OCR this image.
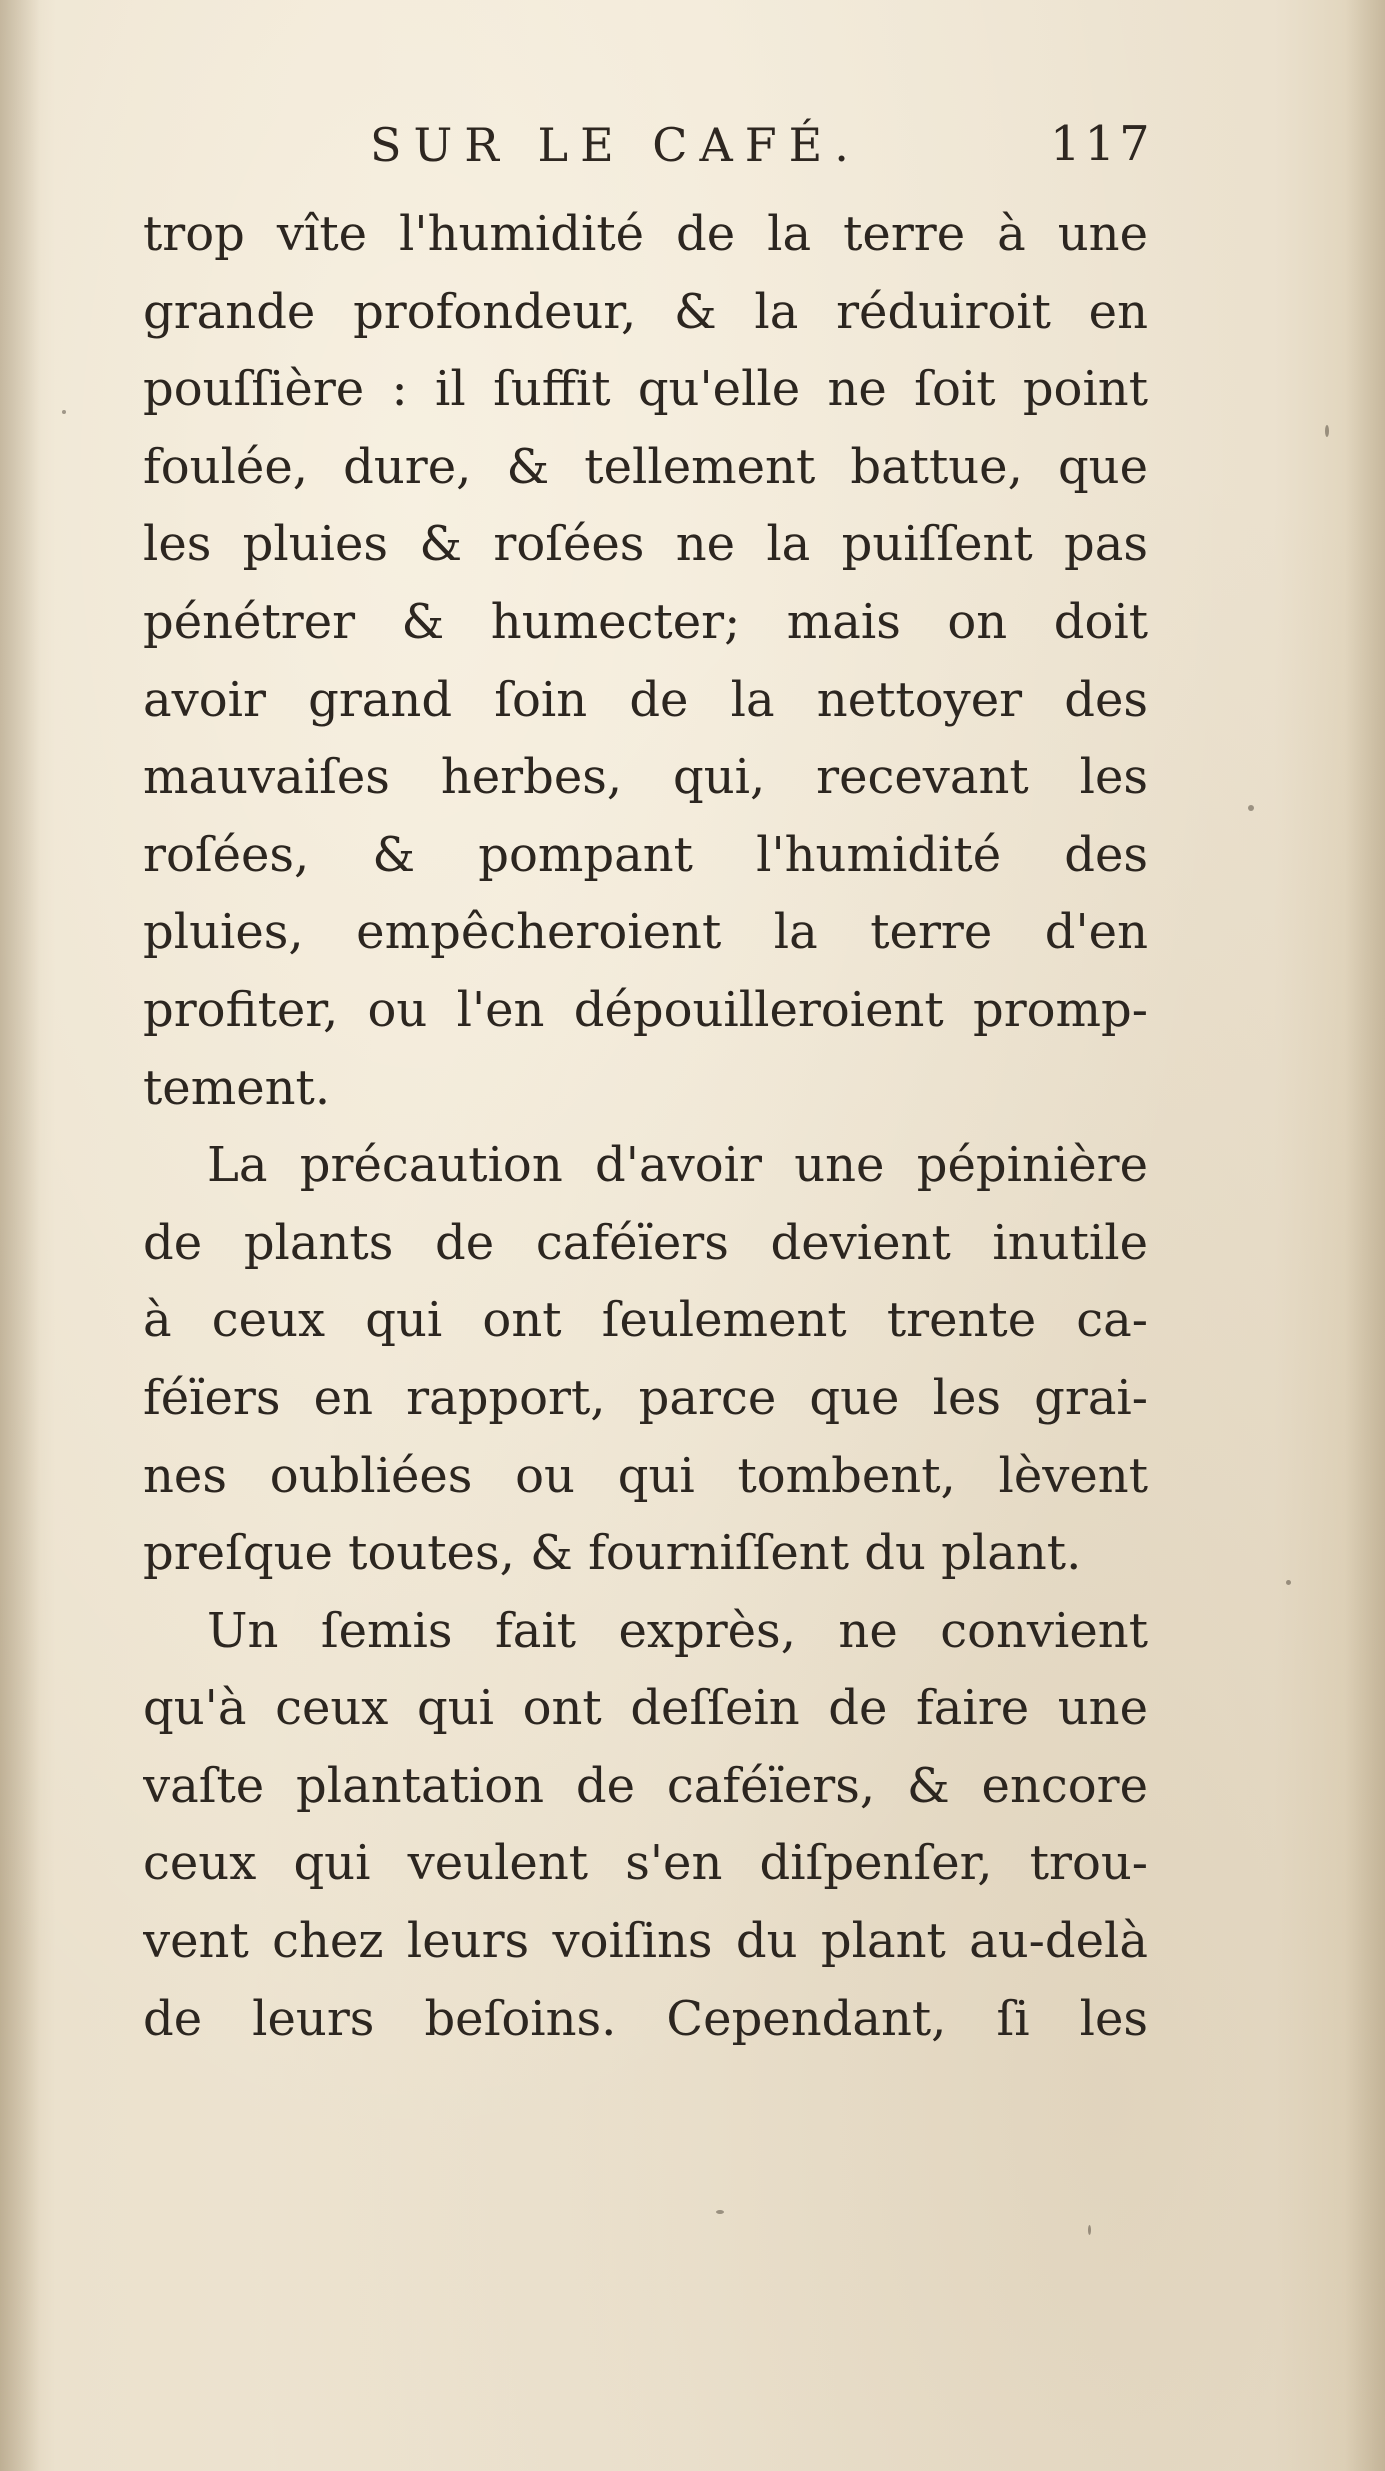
SUR LE CAFÉ.	117
trop vîte l'humidité de la terre à une
grande profondeur, & la réduiroit en
pouſſière : il ſuffit qu'elle ne ſoit point
foulée, dure, & tellement battue, que
les pluies & roſées ne la puiſſent pas
pénétrer & humecter; mais on doit
avoir grand ſoin de la nettoyer des
mauvaiſes herbes, qui, recevant les
roſées, & pompant l'humidité des
pluies, empêcheroient la terre d'en
profiter, ou l'en dépouilleroient promp-
tement.
La précaution d'avoir une pépinière
de plants de caféïers devient inutile
à ceux qui ont ſeulement trente ca-
féïers en rapport, parce que les grai-
nes oubliées ou qui tombent, lèvent
preſque toutes, & fourniſſent du plant.
Un ſemis fait exprès, ne convient
qu'à ceux qui ont deſſein de faire une
vaſte plantation de caféïers, & encore
ceux qui veulent s'en diſpenſer, trou-
vent chez leurs voiſins du plant au-delà
de leurs beſoins. Cependant, ſi les
